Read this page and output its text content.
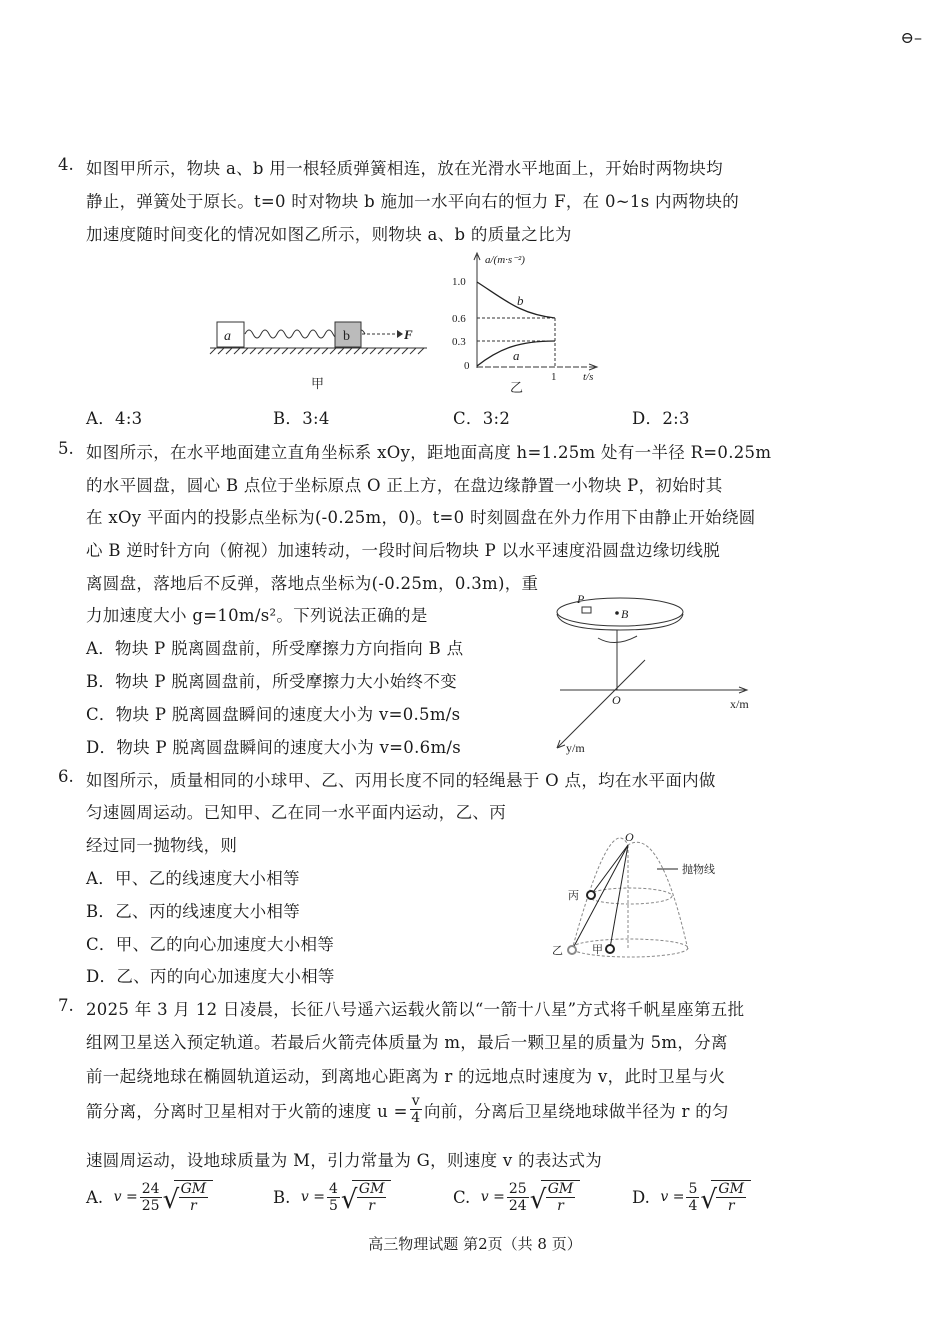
⊖–
4. 如图甲所示，物块 a、b 用一根轻质弹簧相连，放在光滑水平地面上，开始时两物块均
静止，弹簧处于原长。t=0 时对物块 b 施加一水平向右的恒力 F，在 0~1s 内两物块的
加速度随时间变化的情况如图乙所示，则物块 a、b 的质量之比为
a	b	F
甲
a/(m·s⁻²)
t/s
1.0
0.6
0.3
0
1
b
a
乙
A．4:3	B．3:4	C．3:2	D．2:3
5. 如图所示，在水平地面建立直角坐标系 xOy，距地面高度 h=1.25m 处有一半径 R=0.25m
的水平圆盘，圆心 B 点位于坐标原点 O 正上方，在盘边缘静置一小物块 P，初始时其
在 xOy 平面内的投影点坐标为(-0.25m，0)。t=0 时刻圆盘在外力作用下由静止开始绕圆
心 B 逆时针方向（俯视）加速转动，一段时间后物块 P 以水平速度沿圆盘边缘切线脱
离圆盘，落地后不反弹，落地点坐标为(-0.25m，0.3m)，重
力加速度大小 g=10m/s²。下列说法正确的是
A．物块 P 脱离圆盘前，所受摩擦力方向指向 B 点
B．物块 P 脱离圆盘前，所受摩擦力大小始终不变
C．物块 P 脱离圆盘瞬间的速度大小为 v=0.5m/s
D．物块 P 脱离圆盘瞬间的速度大小为 v=0.6m/s
P
B
O	x/m
y/m
6. 如图所示，质量相同的小球甲、乙、丙用长度不同的轻绳悬于 O 点，均在水平面内做
匀速圆周运动。已知甲、乙在同一水平面内运动，乙、丙
经过同一抛物线，则
A．甲、乙的线速度大小相等
B．乙、丙的线速度大小相等
C．甲、乙的向心加速度大小相等
D．乙、丙的向心加速度大小相等
O
抛物线
丙
乙	甲
7. 2025 年 3 月 12 日凌晨，长征八号遥六运载火箭以“一箭十八星”方式将千帆星座第五批
组网卫星送入预定轨道。若最后火箭壳体质量为 m，最后一颗卫星的质量为 5m，分离
前一起绕地球在椭圆轨道运动，到离地心距离为 r 的远地点时速度为 v，此时卫星与火
箭分离，分离时卫星相对于火箭的速度 $u = \frac{v}{4}$ 向前，分离后卫星绕地球做半径为 r 的匀
速圆周运动，设地球质量为 M，引力常量为 G，则速度 v 的表达式为
A.
$v = \frac{24}{25}$ √ $\frac{GM}{r}$	B.
$v = \frac{4}{5}$ √ $\frac{GM}{r}$	C.
$v = \frac{25}{24}$ √ $\frac{GM}{r}$	D.
$v = \frac{5}{4}$ √ $\frac{GM}{r}$
高三物理试题 第2页（共 8 页）
